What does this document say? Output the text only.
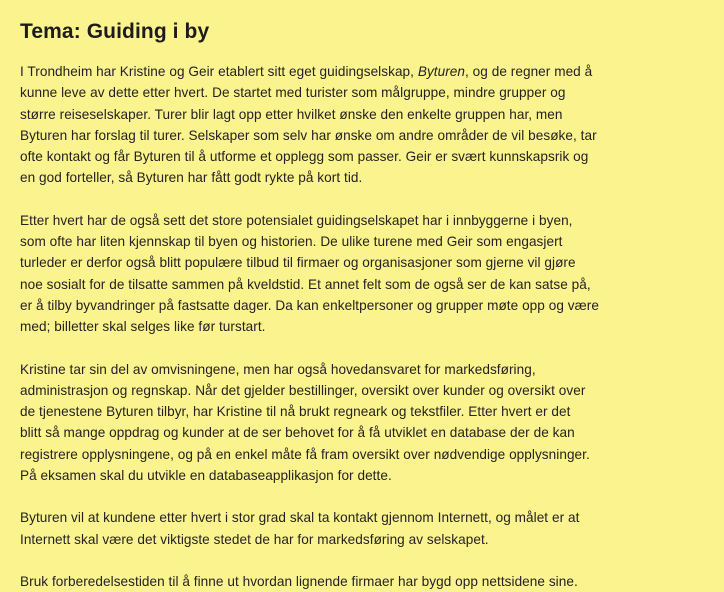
Tema: Guiding i by
I Trondheim har Kristine og Geir etablert sitt eget guidingselskap, Byturen, og de regner med å
kunne leve av dette etter hvert. De startet med turister som målgruppe, mindre grupper og
større reiseselskaper. Turer blir lagt opp etter hvilket ønske den enkelte gruppen har, men
Byturen har forslag til turer. Selskaper som selv har ønske om andre områder de vil besøke, tar
ofte kontakt og får Byturen til å utforme et opplegg som passer. Geir er svært kunnskapsrik og
en god forteller, så Byturen har fått godt rykte på kort tid.
Etter hvert har de også sett det store potensialet guidingselskapet har i innbyggerne i byen,
som ofte har liten kjennskap til byen og historien. De ulike turene med Geir som engasjert
turleder er derfor også blitt populære tilbud til firmaer og organisasjoner som gjerne vil gjøre
noe sosialt for de tilsatte sammen på kveldstid. Et annet felt som de også ser de kan satse på,
er å tilby byvandringer på fastsatte dager. Da kan enkeltpersoner og grupper møte opp og være
med; billetter skal selges like før turstart.
Kristine tar sin del av omvisningene, men har også hovedansvaret for markedsføring,
administrasjon og regnskap. Når det gjelder bestillinger, oversikt over kunder og oversikt over
de tjenestene Byturen tilbyr, har Kristine til nå brukt regneark og tekstfiler. Etter hvert er det
blitt så mange oppdrag og kunder at de ser behovet for å få utviklet en database der de kan
registrere opplysningene, og på en enkel måte få fram oversikt over nødvendige opplysninger.
På eksamen skal du utvikle en databaseapplikasjon for dette.
Byturen vil at kundene etter hvert i stor grad skal ta kontakt gjennom Internett, og målet er at
Internett skal være det viktigste stedet de har for markedsføring av selskapet.
Bruk forberedelsestiden til å finne ut hvordan lignende firmaer har bygd opp nettsidene sine.
